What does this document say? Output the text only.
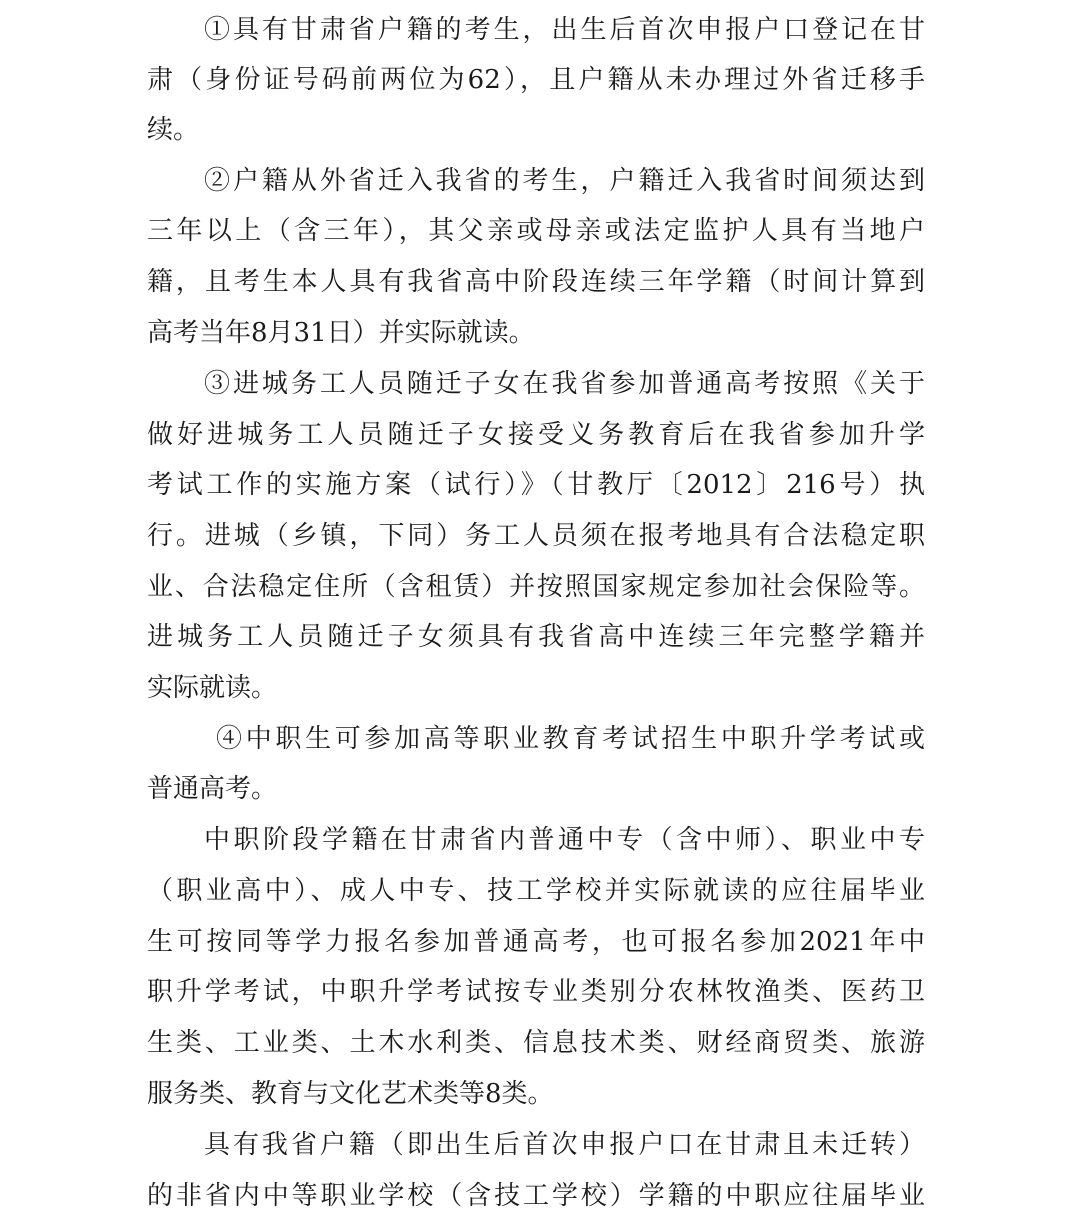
①具有甘肃省户籍的考生，出生后首次申报户口登记在甘
肃（身份证号码前两位为62），且户籍从未办理过外省迁移手
续。
②户籍从外省迁入我省的考生，户籍迁入我省时间须达到
三年以上（含三年），其父亲或母亲或法定监护人具有当地户
籍，且考生本人具有我省高中阶段连续三年学籍（时间计算到
高考当年8月31日）并实际就读。
③进城务工人员随迁子女在我省参加普通高考按照《关于
做好进城务工人员随迁子女接受义务教育后在我省参加升学
考试工作的实施方案（试行）》（甘教厅〔2012〕216号）执
行。进城（乡镇，下同）务工人员须在报考地具有合法稳定职
业、合法稳定住所（含租赁）并按照国家规定参加社会保险等。
进城务工人员随迁子女须具有我省高中连续三年完整学籍并
实际就读。
④中职生可参加高等职业教育考试招生中职升学考试或
普通高考。
中职阶段学籍在甘肃省内普通中专（含中师）、职业中专
（职业高中）、成人中专、技工学校并实际就读的应往届毕业
生可按同等学力报名参加普通高考，也可报名参加2021年中
职升学考试，中职升学考试按专业类别分农林牧渔类、医药卫
生类、工业类、土木水利类、信息技术类、财经商贸类、旅游
服务类、教育与文化艺术类等8类。
具有我省户籍（即出生后首次申报户口在甘肃且未迁转）
的非省内中等职业学校（含技工学校）学籍的中职应往届毕业
